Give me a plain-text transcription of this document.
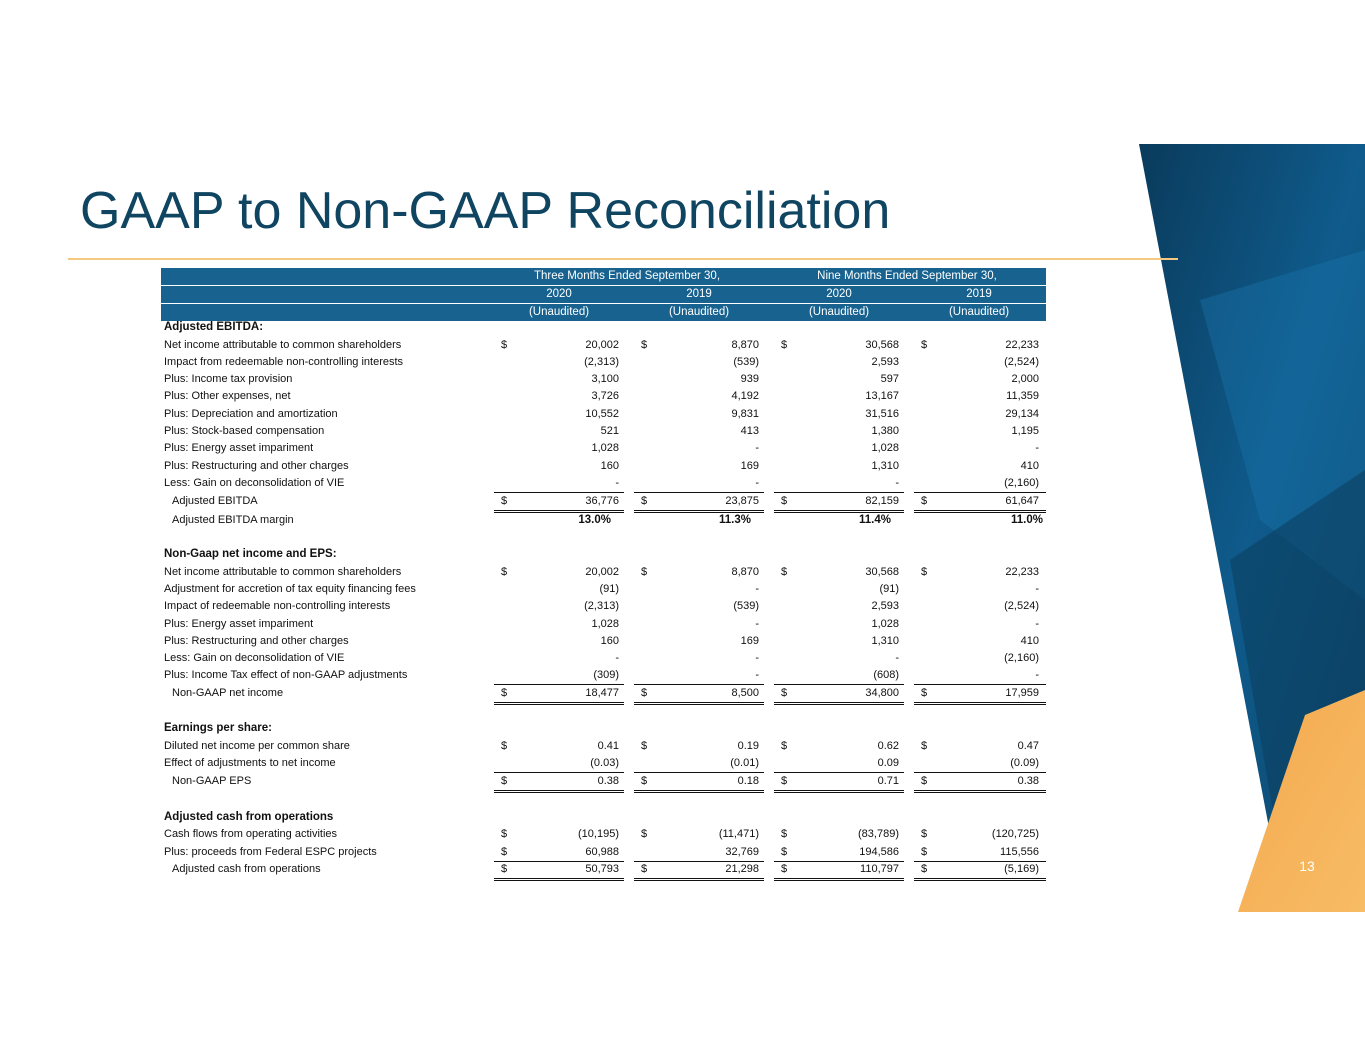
GAAP to Non-GAAP Reconciliation
13
Three Months Ended September 30,	Nine Months Ended September 30,
2020	2019	2020	2019
(Unaudited)	(Unaudited)	(Unaudited)	(Unaudited)
Adjusted EBITDA:
Net income attributable to common shareholders	$	20,002 $	8,870 $	30,568 $	22,233
Impact from redeemable non-controlling interests	(2,313)	(539)	2,593	(2,524)
Plus: Income tax provision	3,100	939	597	2,000
Plus: Other expenses, net	3,726	4,192	13,167	11,359
Plus: Depreciation and amortization	10,552	9,831	31,516	29,134
Plus: Stock-based compensation	521	413	1,380	1,195
Plus: Energy asset impariment	1,028	-	1,028	-
Plus: Restructuring and other charges	160	169	1,310	410
Less: Gain on deconsolidation of VIE	-	-	-	(2,160)
Adjusted EBITDA	$	36,776 $	23,875 $	82,159 $	61,647
Adjusted EBITDA margin	13.0%	11.3%	11.4%	11.0%
Non-Gaap net income and EPS:
Net income attributable to common shareholders	$	20,002 $	8,870 $	30,568 $	22,233
Adjustment for accretion of tax equity financing fees	(91)	-	(91)	-
Impact of redeemable non-controlling interests	(2,313)	(539)	2,593	(2,524)
Plus: Energy asset impariment	1,028	-	1,028	-
Plus: Restructuring and other charges	160	169	1,310	410
Less: Gain on deconsolidation of VIE	-	-	-	(2,160)
Plus: Income Tax effect of non-GAAP adjustments	(309)	-	(608)	-
Non-GAAP net income	$	18,477 $	8,500 $	34,800 $	17,959
Earnings per share:
Diluted net income per common share	$	0.41 $	0.19 $	0.62 $	0.47
Effect of adjustments to net income	(0.03)	(0.01)	0.09	(0.09)
Non-GAAP EPS	$	0.38 $	0.18 $	0.71 $	0.38
Adjusted cash from operations
Cash flows from operating activities	$	(10,195) $	(11,471) $	(83,789) $	(120,725)
Plus: proceeds from Federal ESPC projects	$	60,988	32,769 $	194,586 $	115,556
Adjusted cash from operations	$	50,793 $	21,298 $	110,797 $	(5,169)
